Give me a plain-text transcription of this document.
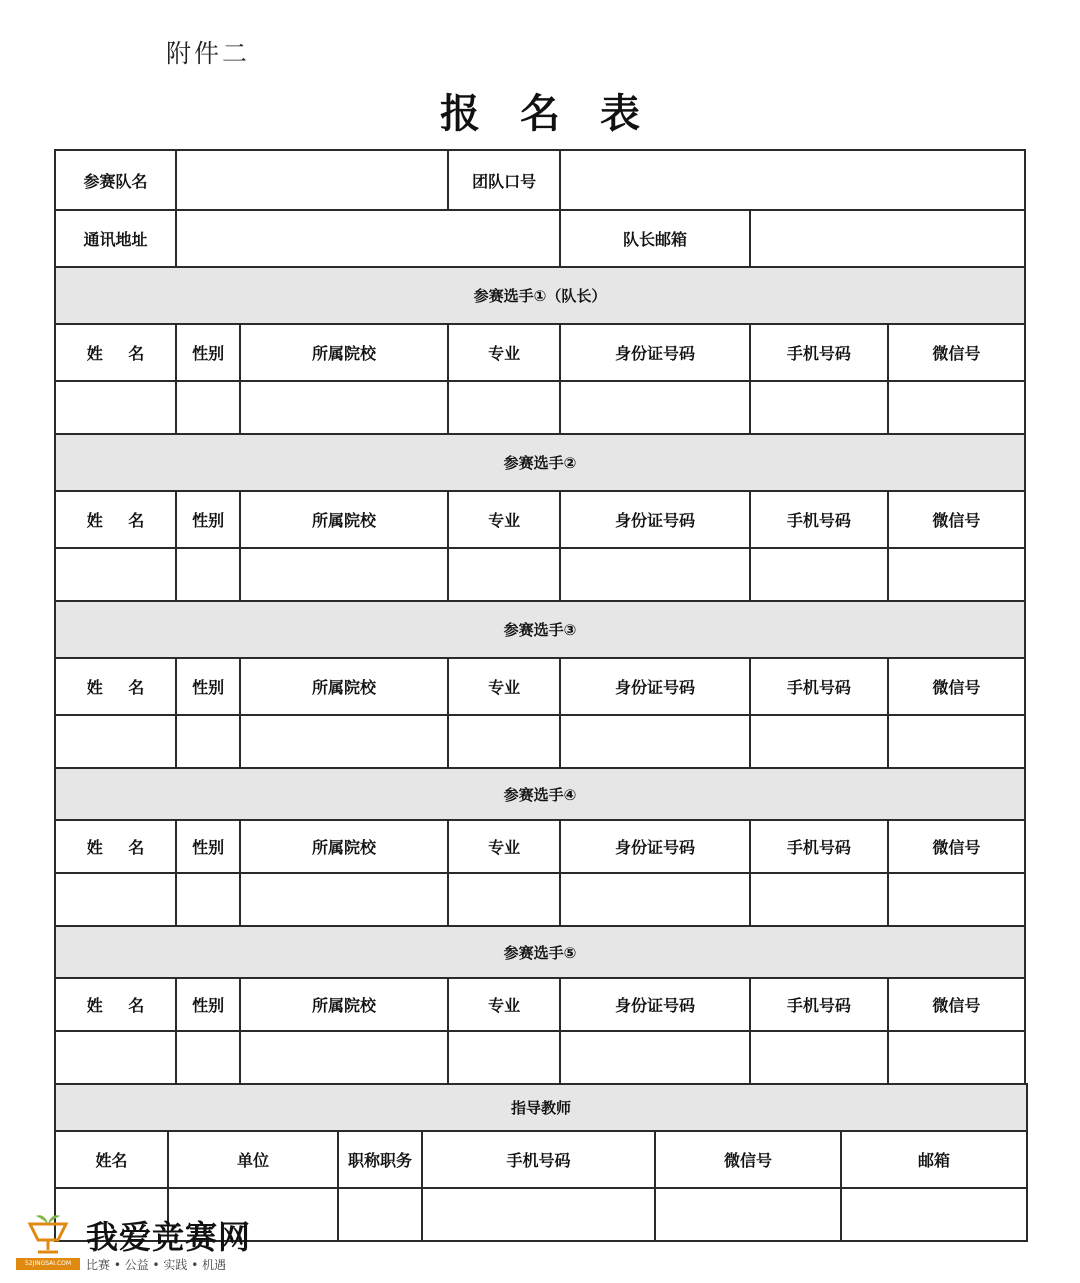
附件二
报名表
参赛队名			团队口号			
通讯地址				队长邮箱		
参赛选手①（队长）						
姓 名	性别	所属院校	专业	身份证号码	手机号码	微信号

参赛选手②						
姓 名	性别	所属院校	专业	身份证号码	手机号码	微信号

参赛选手③						
姓 名	性别	所属院校	专业	身份证号码	手机号码	微信号

参赛选手④						
姓 名	性别	所属院校	专业	身份证号码	手机号码	微信号

参赛选手⑤						
姓 名	性别	所属院校	专业	身份证号码	手机号码	微信号

指导教师					
姓名	单位	职称职务	手机号码	微信号	邮箱

52JINGSAI.COM
我爱竞赛网
比赛 • 公益 • 实践 • 机遇
